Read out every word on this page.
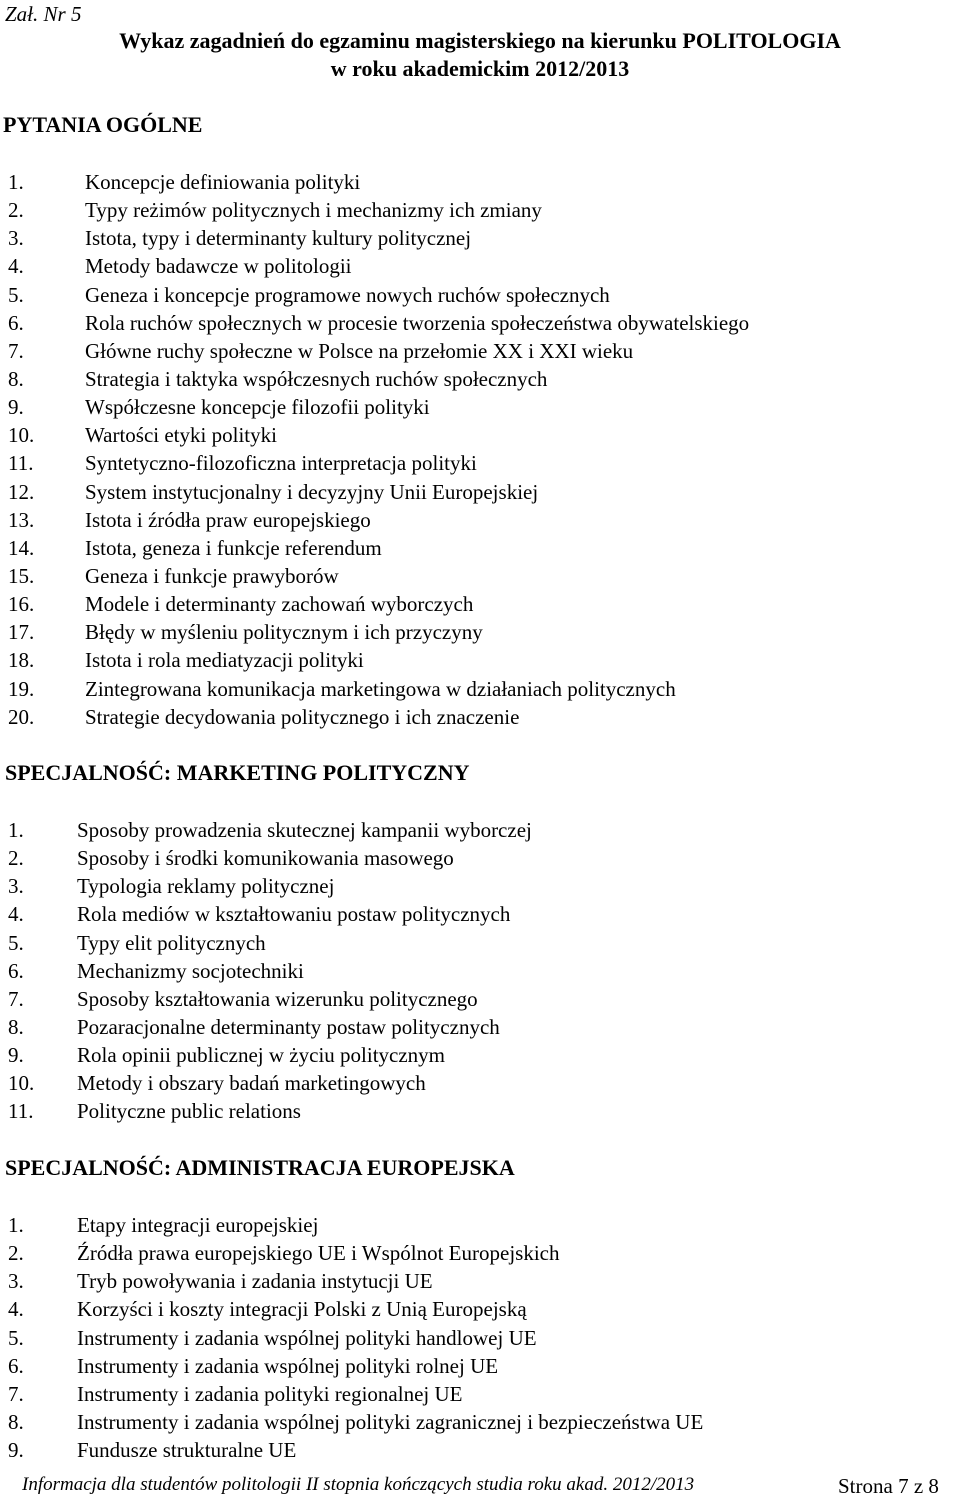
Zał. Nr 5
Wykaz zagadnień do egzaminu magisterskiego na kierunku POLITOLOGIA
w roku akademickim 2012/2013
PYTANIA OGÓLNE
1.	Koncepcje definiowania polityki
2.	Typy reżimów politycznych i mechanizmy ich zmiany
3.	Istota, typy i determinanty kultury politycznej
4.	Metody badawcze w politologii
5.	Geneza i koncepcje programowe nowych ruchów społecznych
6.	Rola ruchów społecznych w procesie tworzenia społeczeństwa obywatelskiego
7.	Główne ruchy społeczne w Polsce na przełomie XX i XXI wieku
8.	Strategia i taktyka współczesnych ruchów społecznych
9.	Współczesne koncepcje filozofii polityki
10. Wartości etyki polityki
11. Syntetyczno-filozoficzna interpretacja polityki
12. System instytucjonalny i decyzyjny Unii Europejskiej
13. Istota i źródła praw europejskiego
14. Istota, geneza i funkcje referendum
15. Geneza i funkcje prawyborów
16. Modele i determinanty zachowań wyborczych
17. Błędy w myśleniu politycznym i ich przyczyny
18. Istota i rola mediatyzacji polityki
19. Zintegrowana komunikacja marketingowa w działaniach politycznych
20. Strategie decydowania politycznego i ich znaczenie
SPECJALNOŚĆ: MARKETING POLITYCZNY
1.	Sposoby prowadzenia skutecznej kampanii wyborczej
2.	Sposoby i środki komunikowania masowego
3.	Typologia reklamy politycznej
4.	Rola mediów w kształtowaniu postaw politycznych
5.	Typy elit politycznych
6.	Mechanizmy socjotechniki
7.	Sposoby kształtowania wizerunku politycznego
8.	Pozaracjonalne determinanty postaw politycznych
9.	Rola opinii publicznej w życiu politycznym
10. Metody i obszary badań marketingowych
11. Polityczne public relations
SPECJALNOŚĆ: ADMINISTRACJA EUROPEJSKA
1.	Etapy integracji europejskiej
2.	Źródła prawa europejskiego UE i Wspólnot Europejskich
3.	Tryb powoływania i zadania instytucji UE
4.	Korzyści i koszty integracji Polski z Unią Europejską
5.	Instrumenty i zadania wspólnej polityki handlowej UE
6.	Instrumenty i zadania wspólnej polityki rolnej UE
7.	Instrumenty i zadania polityki regionalnej UE
8.	Instrumenty i zadania wspólnej polityki zagranicznej i bezpieczeństwa UE
9.	Fundusze strukturalne UE
Informacja dla studentów politologii II stopnia kończących studia roku akad. 2012/2013	Strona 7 z 8
